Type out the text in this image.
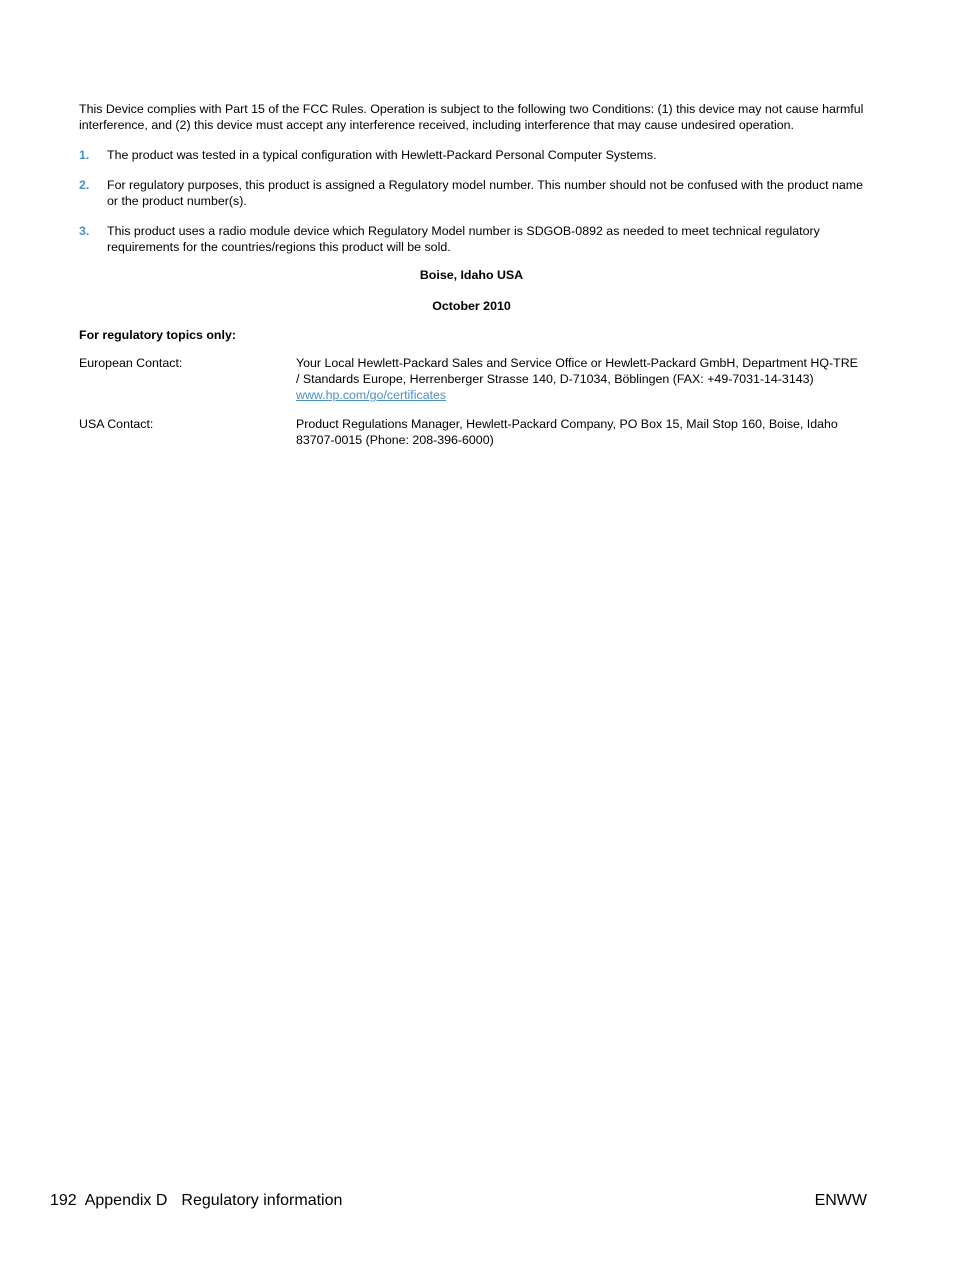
This Device complies with Part 15 of the FCC Rules. Operation is subject to the following two Conditions: (1) this device may not cause harmful interference, and (2) this device must accept any interference received, including interference that may cause undesired operation.

1.	The product was tested in a typical configuration with Hewlett-Packard Personal Computer Systems.
2.	For regulatory purposes, this product is assigned a Regulatory model number. This number should not be confused with the product name or the product number(s).
3.	This product uses a radio module device which Regulatory Model number is SDGOB-0892 as needed to meet technical regulatory requirements for the countries/regions this product will be sold.

Boise, Idaho USA

October 2010

For regulatory topics only:

European Contact:	Your Local Hewlett-Packard Sales and Service Office or Hewlett-Packard GmbH, Department HQ-TRE / Standards Europe, Herrenberger Strasse 140, D-71034, Böblingen (FAX: +49-7031-14-3143) www.hp.com/go/certificates
USA Contact:	Product Regulations Manager, Hewlett-Packard Company, PO Box 15, Mail Stop 160, Boise, Idaho 83707-0015 (Phone: 208-396-6000)
192 Appendix D Regulatory information	ENWW
